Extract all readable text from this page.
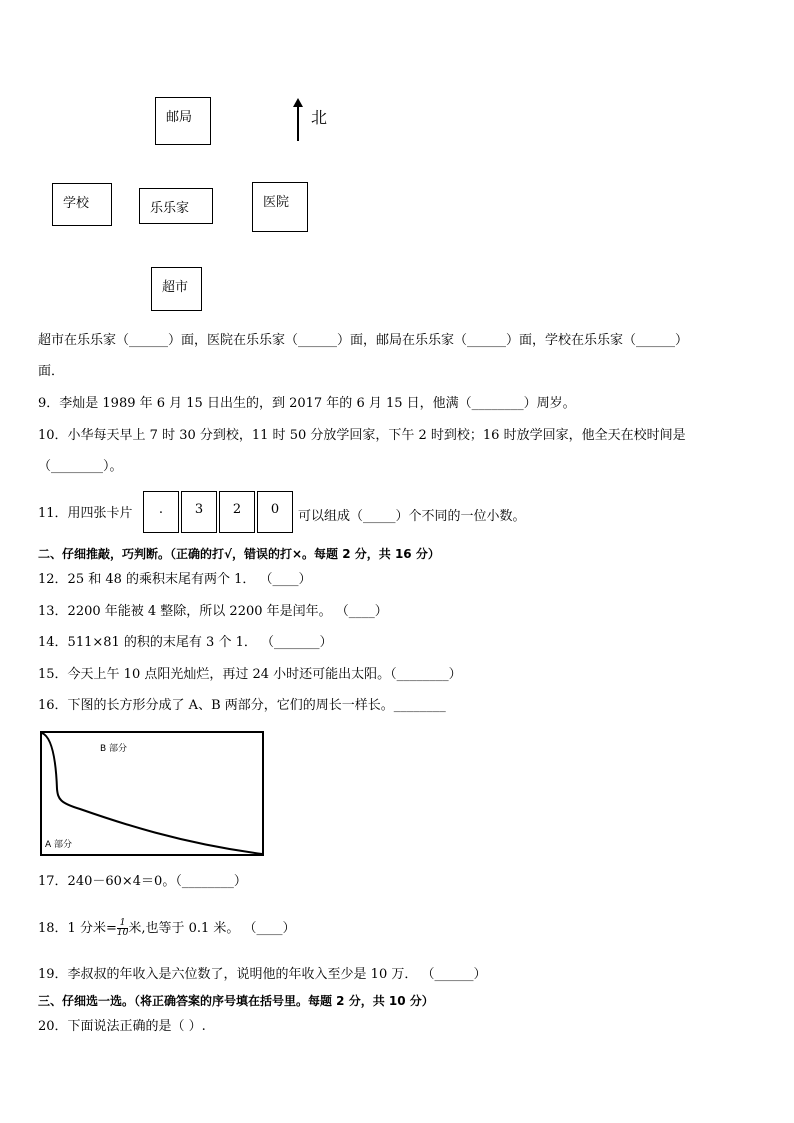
邮局
学校	乐乐家	医院
超市
北
超市在乐乐家（______）面，医院在乐乐家（______）面，邮局在乐乐家（______）面，学校在乐乐家（______）
面．
9．李灿是 1989 年 6 月 15 日出生的，到 2017 年的 6 月 15 日，他满（________）周岁。
10．小华每天早上 7 时 30 分到校，11 时 50 分放学回家，下午 2 时到校；16 时放学回家，他全天在校时间是
（________）。
11．用四张卡片	.	3	2	0	可以组成（_____）个不同的一位小数。
二、仔细推敲，巧判断。（正确的打√，错误的打×。每题 2 分，共 16 分）
12．25 和 48 的乘积末尾有两个 1． （____）
13．2200 年能被 4 整除，所以 2200 年是闰年。 （____）
14．511×81 的积的末尾有 3 个 1． （_______）
15．今天上午 10 点阳光灿烂，再过 24 小时还可能出太阳。（________）
16．下图的长方形分成了 A、B 两部分，它们的周长一样长。________
B 部分
A 部分
17．240－60×4＝0。（________）
18．1 分米= $\frac{1}{10}$ 米,也等于 0.1 米。 （____）
19．李叔叔的年收入是六位数了，说明他的年收入至少是 10 万． （______）
三、仔细选一选。（将正确答案的序号填在括号里。每题 2 分，共 10 分）
20．下面说法正确的是（ ）.
